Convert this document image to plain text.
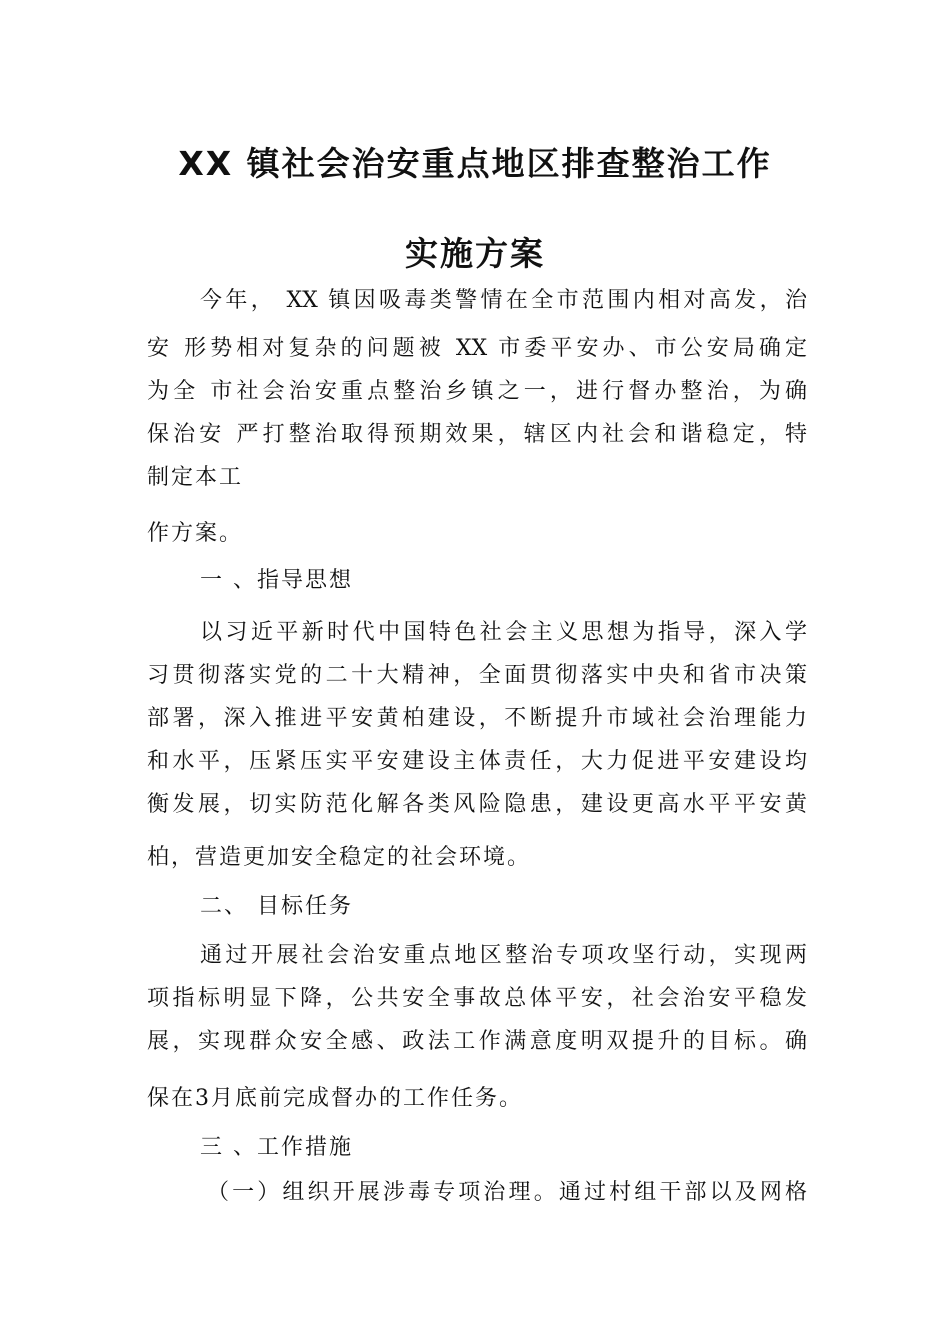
XX 镇社会治安重点地区排查整治工作
实施方案
今年， XX 镇因吸毒类警情在全市范围内相对高发，治
安 形势相对复杂的问题被 XX 市委平安办、市公安局确定
为全 市社会治安重点整治乡镇之一，进行督办整治，为确
保治安 严打整治取得预期效果，辖区内社会和谐稳定，特
制定本工
作方案。
一 、指导思想
以习近平新时代中国特色社会主义思想为指导，深入学
习贯彻落实党的二十大精神，全面贯彻落实中央和省市决策
部署，深入推进平安黄柏建设，不断提升市域社会治理能力
和水平，压紧压实平安建设主体责任，大力促进平安建设均
衡发展，切实防范化解各类风险隐患，建设更高水平平安黄
柏，营造更加安全稳定的社会环境。
二、 目标任务
通过开展社会治安重点地区整治专项攻坚行动，实现两
项指标明显下降，公共安全事故总体平安，社会治安平稳发
展，实现群众安全感、政法工作满意度明双提升的目标。确
保在3月底前完成督办的工作任务。
三 、工作措施
（一）组织开展涉毒专项治理。通过村组干部以及网格
